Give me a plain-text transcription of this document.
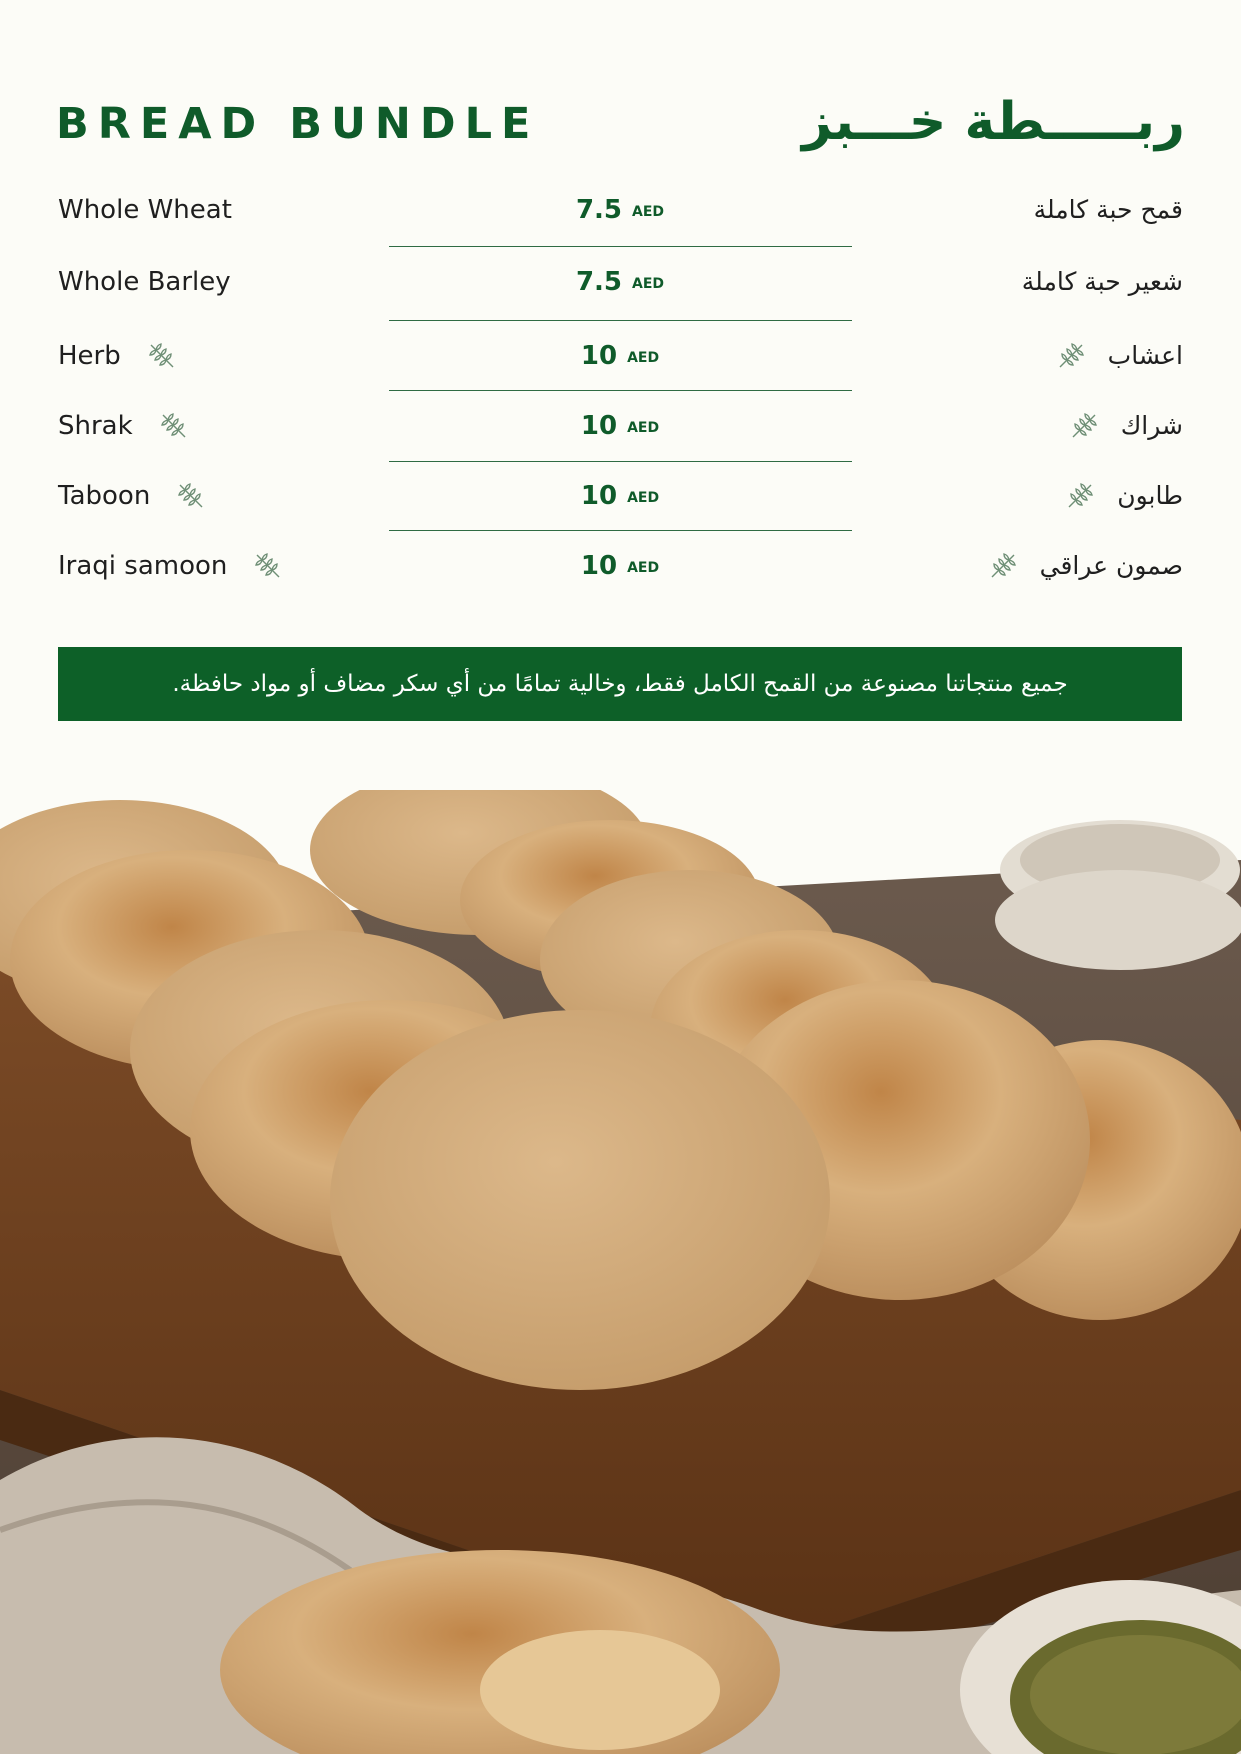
BREAD BUNDLE	ربـــــطة خـــبز
Whole Wheat	7.5 AED	قمح حبة كاملة
Whole Barley	7.5 AED	شعير حبة كاملة
Herb	10 AED	اعشاب
Shrak	10 AED	شراك
Taboon	10 AED	طابون
Iraqi samoon	10 AED	صمون عراقي
جميع منتجاتنا مصنوعة من القمح الكامل فقط، وخالية تمامًا من أي سكر مضاف أو مواد حافظة.
